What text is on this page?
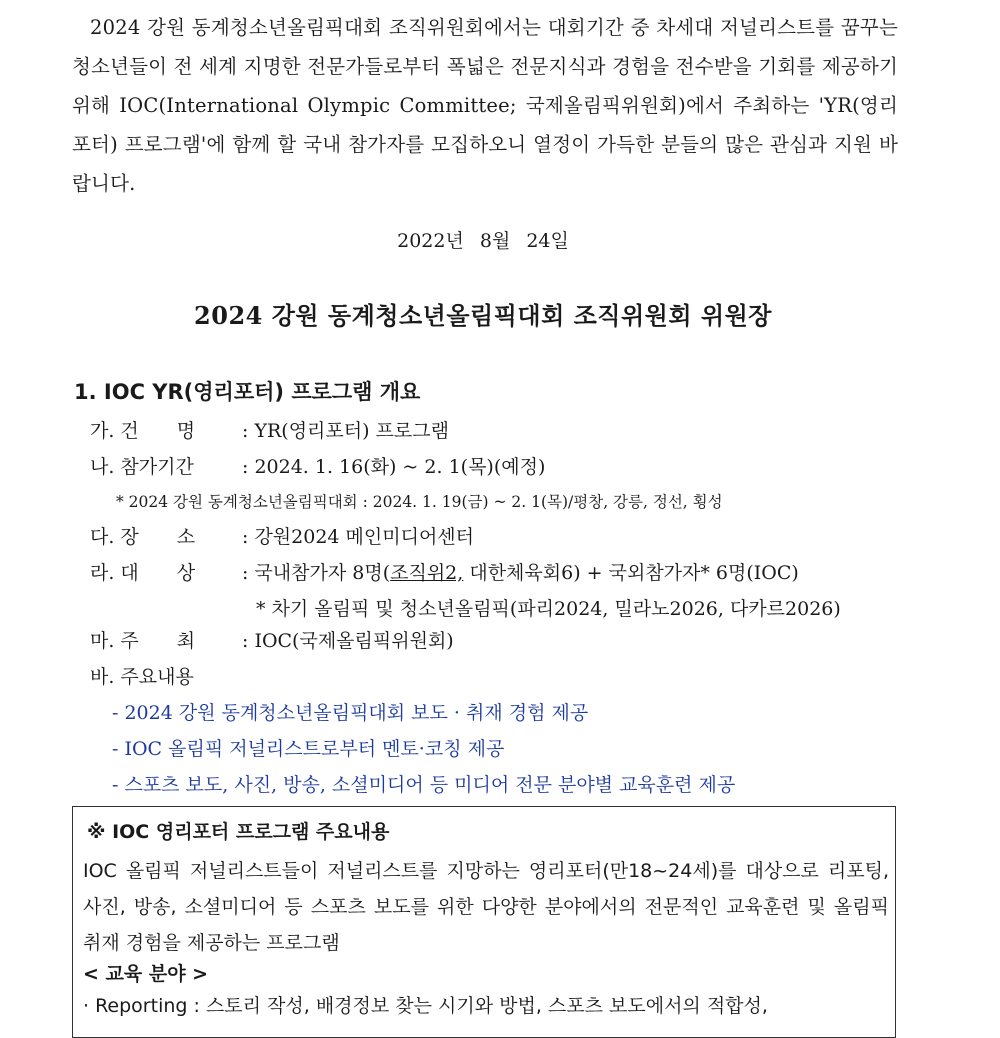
2024 강원 동계청소년올림픽대회 조직위원회에서는 대회기간 중 차세대 저널리스트를 꿈꾸는 청소년들이 전 세계 지명한 전문가들로부터 폭넓은 전문지식과 경험을 전수받을 기회를 제공하기 위해 IOC(International Olympic Committee; 국제올림픽위원회)에서 주최하는 'YR(영리포터) 프로그램'에 함께 할 국내 참가자를 모집하오니 열정이 가득한 분들의 많은 관심과 지원 바랍니다.
2022년 8월 24일
2024 강원 동계청소년올림픽대회 조직위원회 위원장
1. IOC YR(영리포터) 프로그램 개요
가. 건　　명 : YR(영리포터) 프로그램
나. 참가기간	: 2024. 1. 16(화) ~ 2. 1(목)(예정)
* 2024 강원 동계청소년올림픽대회 : 2024. 1. 19(금) ~ 2. 1(목)/평창, 강릉, 정선, 횡성
다. 장　　소 : 강원2024 메인미디어센터
라. 대　　상 : 국내참가자 8명(조직위2, 대한체육회6) + 국외참가자* 6명(IOC)
* 차기 올림픽 및 청소년올림픽(파리2024, 밀라노2026, 다카르2026)
마. 주　　최 : IOC(국제올림픽위원회)
바. 주요내용
- 2024 강원 동계청소년올림픽대회 보도 · 취재 경험 제공
- IOC 올림픽 저널리스트로부터 멘토·코칭 제공
- 스포츠 보도, 사진, 방송, 소셜미디어 등 미디어 전문 분야별 교육훈련 제공
※ IOC 영리포터 프로그램 주요내용
IOC 올림픽 저널리스트들이 저널리스트를 지망하는 영리포터(만18~24세)를 대상으로 리포팅, 사진, 방송, 소셜미디어 등 스포츠 보도를 위한 다양한 분야에서의 전문적인 교육훈련 및 올림픽 취재 경험을 제공하는 프로그램
< 교육 분야 >
· Reporting : 스토리 작성, 배경정보 찾는 시기와 방법, 스포츠 보도에서의 적합성,
